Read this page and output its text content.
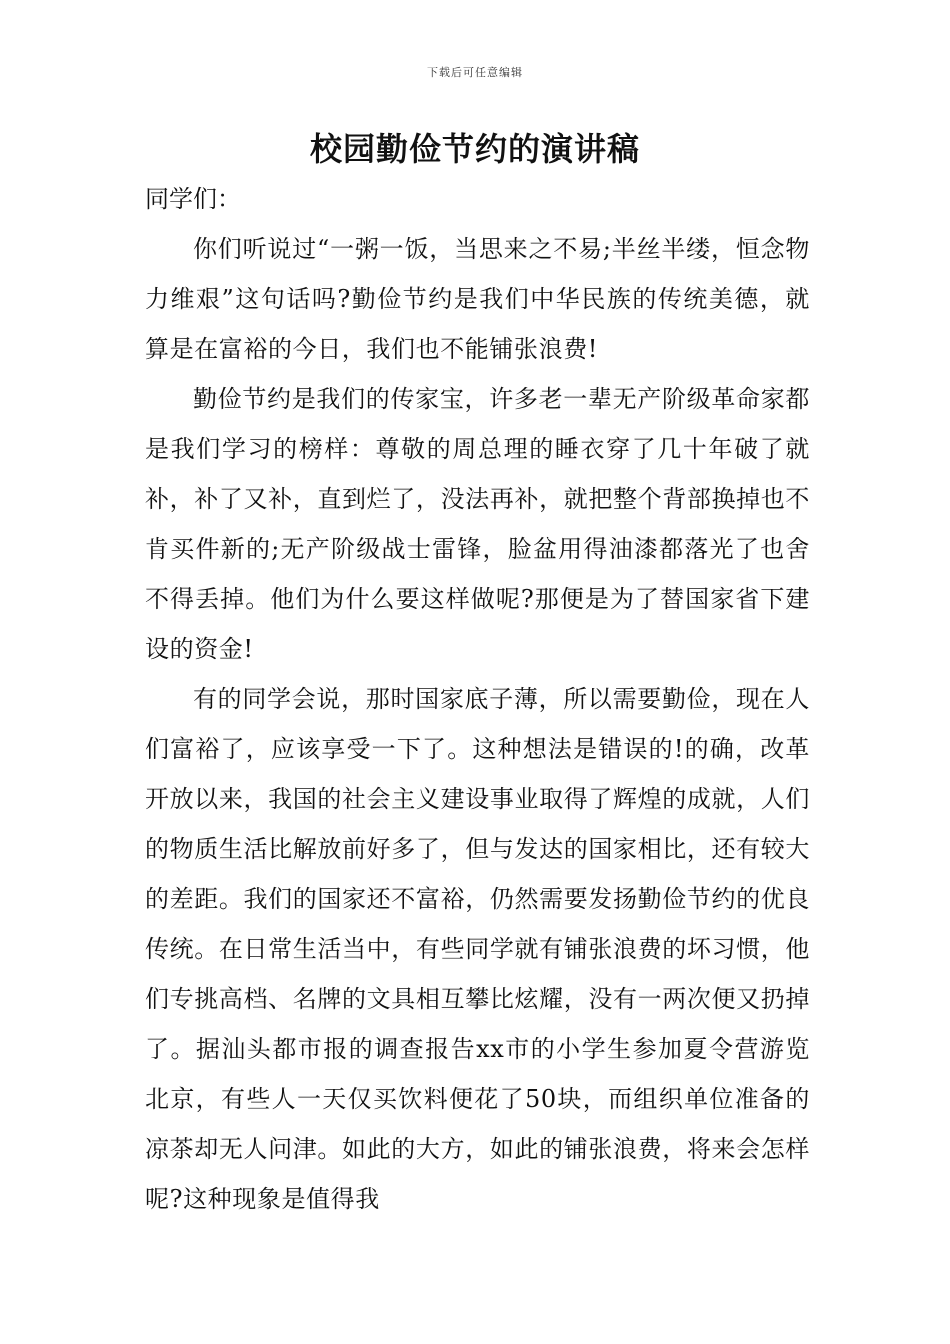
下载后可任意编辑
校园勤俭节约的演讲稿

同学们：

你们听说过“一粥一饭，当思来之不易;半丝半缕，恒念物力维艰”这句话吗?勤俭节约是我们中华民族的传统美德，就算是在富裕的今日，我们也不能铺张浪费!

勤俭节约是我们的传家宝，许多老一辈无产阶级革命家都是我们学习的榜样：尊敬的周总理的睡衣穿了几十年破了就补，补了又补，直到烂了，没法再补，就把整个背部换掉也不肯买件新的;无产阶级战士雷锋，脸盆用得油漆都落光了也舍不得丢掉。他们为什么要这样做呢?那便是为了替国家省下建设的资金!

有的同学会说，那时国家底子薄，所以需要勤俭，现在人们富裕了，应该享受一下了。这种想法是错误的!的确，改革开放以来，我国的社会主义建设事业取得了辉煌的成就，人们的物质生活比解放前好多了，但与发达的国家相比，还有较大的差距。我们的国家还不富裕，仍然需要发扬勤俭节约的优良传统。在日常生活当中，有些同学就有铺张浪费的坏习惯，他们专挑高档、名牌的文具相互攀比炫耀，没有一两次便又扔掉了。据汕头都市报的调查报告xx市的小学生参加夏令营游览北京，有些人一天仅买饮料便花了50块，而组织单位准备的凉茶却无人问津。如此的大方，如此的铺张浪费，将来会怎样呢?这种现象是值得我
